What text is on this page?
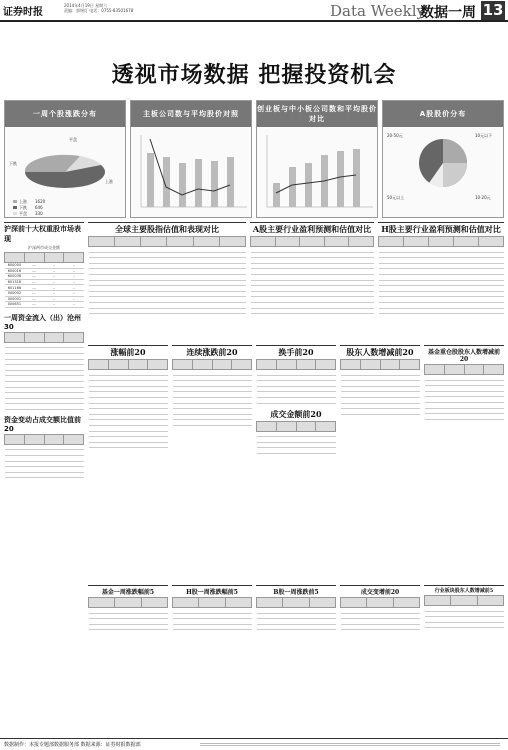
证券时报
2014年4月19日 星期六
责编：郭锡灯 电话：0755-83501678	Data Weekly
数据一周 13
透视市场数据 把握投资机会
一周个股涨跌分布
上涨 1620
下跌 646
平盘 330
平盘
下跌
上涨
主板公司数与平均股价对照
创业板与中小板公司数和平均股价对比
A股股价分布
20-50元	10元以下
50元以上	10-20元
沪深前十大权重股市场表现
沪深两市成交金额

600000	....	..	..
600016	....	..	..
600036	....	..	..
601318	....	..	..
601166	....	..	..
000002	....	..	..
000001	....	..	..
000651	....	..	..
一周资金流入（出）沧州30

资金变动占成交额比值前20

全球主要股指估值和表现对比

						A股主要行业盈利预测和估值对比

					H股主要行业盈利预测和估值对比

涨幅前20

				连续涨跌前20

				换手前20

成交金额前20

股东人数增减前20

				基金重仓股股东人数增减前20

基金一周涨跌幅前5

			H股一周涨跌幅前5

			B股一周涨跌前5

			成交变增前20

			行业板块股东人数增减前5

数据制作：本报专题部数据服务部 数据来源：证券时报数据部
